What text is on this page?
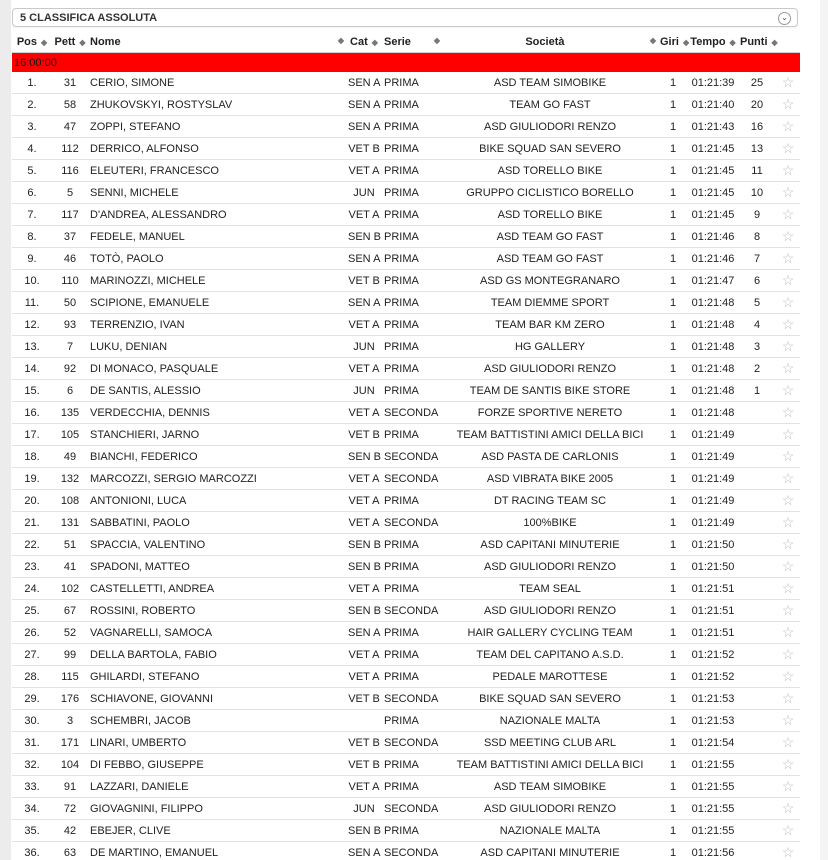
5 CLASSIFICA ASSOLUTA	⌄
Pos ◆	Pett ◆	Nome ◆	Cat ◆	Serie ◆	Società ◆	Giri ◆	Tempo ◆	Punti ◆	
16:00:00									
1.	31	CERIO, SIMONE	SEN A	PRIMA	ASD TEAM SIMOBIKE	1	01:21:39	25	☆
2.	58	ZHUKOVSKYI, ROSTYSLAV	SEN A	PRIMA	TEAM GO FAST	1	01:21:40	20	☆
3.	47	ZOPPI, STEFANO	SEN A	PRIMA	ASD GIULIODORI RENZO	1	01:21:43	16	☆
4.	112	DERRICO, ALFONSO	VET B	PRIMA	BIKE SQUAD SAN SEVERO	1	01:21:45	13	☆
5.	116	ELEUTERI, FRANCESCO	VET A	PRIMA	ASD TORELLO BIKE	1	01:21:45	11	☆
6.	5	SENNI, MICHELE	JUN	PRIMA	GRUPPO CICLISTICO BORELLO	1	01:21:45	10	☆
7.	117	D'ANDREA, ALESSANDRO	VET A	PRIMA	ASD TORELLO BIKE	1	01:21:45	9	☆
8.	37	FEDELE, MANUEL	SEN B	PRIMA	ASD TEAM GO FAST	1	01:21:46	8	☆
9.	46	TOTÒ, PAOLO	SEN A	PRIMA	ASD TEAM GO FAST	1	01:21:46	7	☆
10.	110	MARINOZZI, MICHELE	VET B	PRIMA	ASD GS MONTEGRANARO	1	01:21:47	6	☆
11.	50	SCIPIONE, EMANUELE	SEN A	PRIMA	TEAM DIEMME SPORT	1	01:21:48	5	☆
12.	93	TERRENZIO, IVAN	VET A	PRIMA	TEAM BAR KM ZERO	1	01:21:48	4	☆
13.	7	LUKU, DENIAN	JUN	PRIMA	HG GALLERY	1	01:21:48	3	☆
14.	92	DI MONACO, PASQUALE	VET A	PRIMA	ASD GIULIODORI RENZO	1	01:21:48	2	☆
15.	6	DE SANTIS, ALESSIO	JUN	PRIMA	TEAM DE SANTIS BIKE STORE	1	01:21:48	1	☆
16.	135	VERDECCHIA, DENNIS	VET A	SECONDA	FORZE SPORTIVE NERETO	1	01:21:48		☆
17.	105	STANCHIERI, JARNO	VET B	PRIMA	TEAM BATTISTINI AMICI DELLA BICI	1	01:21:49		☆
18.	49	BIANCHI, FEDERICO	SEN B	SECONDA	ASD PASTA DE CARLONIS	1	01:21:49		☆
19.	132	MARCOZZI, SERGIO MARCOZZI	VET A	SECONDA	ASD VIBRATA BIKE 2005	1	01:21:49		☆
20.	108	ANTONIONI, LUCA	VET A	PRIMA	DT RACING TEAM SC	1	01:21:49		☆
21.	131	SABBATINI, PAOLO	VET A	SECONDA	100%BIKE	1	01:21:49		☆
22.	51	SPACCIA, VALENTINO	SEN B	PRIMA	ASD CAPITANI MINUTERIE	1	01:21:50		☆
23.	41	SPADONI, MATTEO	SEN B	PRIMA	ASD GIULIODORI RENZO	1	01:21:50		☆
24.	102	CASTELLETTI, ANDREA	VET A	PRIMA	TEAM SEAL	1	01:21:51		☆
25.	67	ROSSINI, ROBERTO	SEN B	SECONDA	ASD GIULIODORI RENZO	1	01:21:51		☆
26.	52	VAGNARELLI, SAMOCA	SEN A	PRIMA	HAIR GALLERY CYCLING TEAM	1	01:21:51		☆
27.	99	DELLA BARTOLA, FABIO	VET A	PRIMA	TEAM DEL CAPITANO A.S.D.	1	01:21:52		☆
28.	115	GHILARDI, STEFANO	VET A	PRIMA	PEDALE MAROTTESE	1	01:21:52		☆
29.	176	SCHIAVONE, GIOVANNI	VET B	SECONDA	BIKE SQUAD SAN SEVERO	1	01:21:53		☆
30.	3	SCHEMBRI, JACOB		PRIMA	NAZIONALE MALTA	1	01:21:53		☆
31.	171	LINARI, UMBERTO	VET B	SECONDA	SSD MEETING CLUB ARL	1	01:21:54		☆
32.	104	DI FEBBO, GIUSEPPE	VET B	PRIMA	TEAM BATTISTINI AMICI DELLA BICI	1	01:21:55		☆
33.	91	LAZZARI, DANIELE	VET A	PRIMA	ASD TEAM SIMOBIKE	1	01:21:55		☆
34.	72	GIOVAGNINI, FILIPPO	JUN	SECONDA	ASD GIULIODORI RENZO	1	01:21:55		☆
35.	42	EBEJER, CLIVE	SEN B	PRIMA	NAZIONALE MALTA	1	01:21:55		☆
36.	63	DE MARTINO, EMANUEL	SEN A	SECONDA	ASD CAPITANI MINUTERIE	1	01:21:56		☆
